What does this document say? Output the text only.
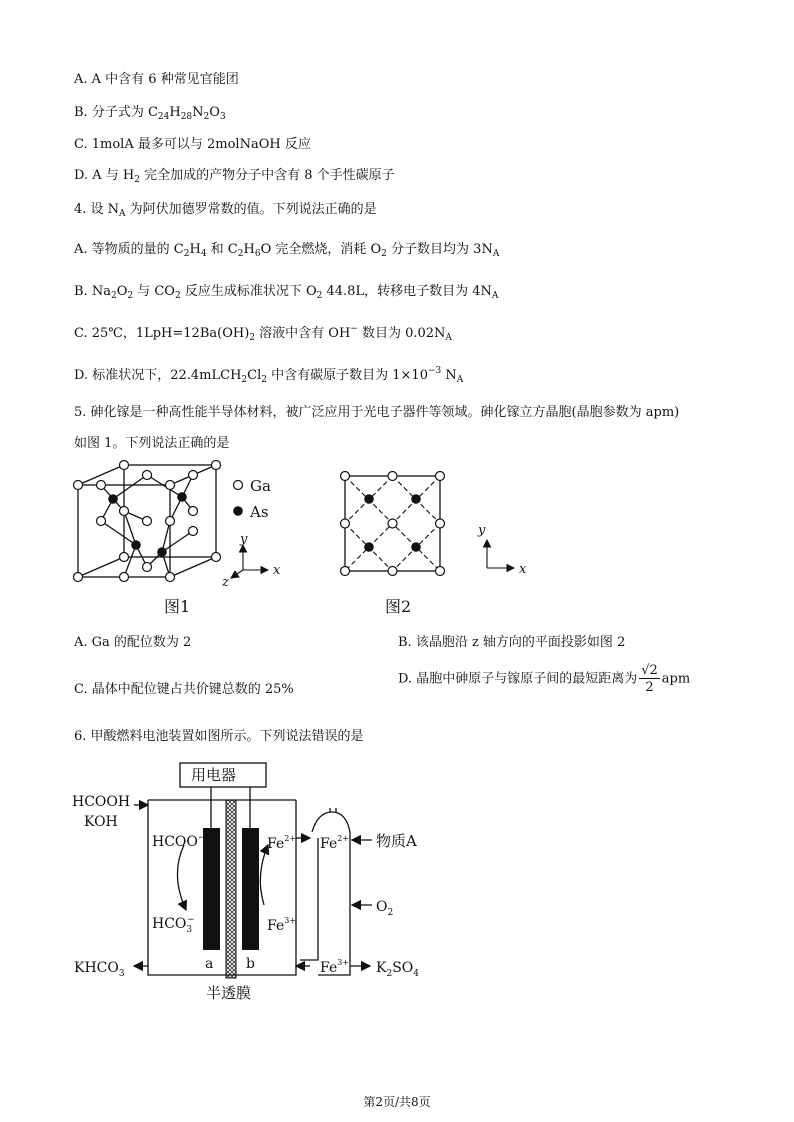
A. A 中含有 6 种常见官能团
B. 分子式为 $C_{24}H_{28}N_2O_3$
C. 1molA 最多可以与 2molNaOH 反应
D. A 与 $H_2$ 完全加成的产物分子中含有 8 个手性碳原子
4. 设 $N_A$ 为阿伏加德罗常数的值。下列说法正确的是
A. 等物质的量的 $C_2H_4$ 和 $C_2H_6O$ 完全燃烧，消耗 $O_2$ 分子数目均为 $3N_A$
B. $Na_2O_2$ 与 $CO_2$ 反应生成标准状况下 $O_2$ 44.8L，转移电子数目为 $4N_A$
C. 25℃，$1LpH=12Ba(OH)_2$ 溶液中含有 OH− 数目为 $0.02N_A$
D. 标准状况下，$22.4mLCH_2Cl_2$ 中含有碳原子数目为 $1\times 10^{-3}$ $N_A$
5. 砷化镓是一种高性能半导体材料，被广泛应用于光电子器件等领域。砷化镓立方晶胞(晶胞参数为 apm)
如图 1。下列说法正确的是
Ga
As
y
x
z
图1
y
x
图2
用电器
HCOOH
KOH
HCOO−
$HCO_3-$
$Fe^{2+}$
$Fe^{3+}$
a b
半透膜
$KHCO_3$
$Fe^{2+}$
$Fe^{3+}$
物质A
$O_2$
$K_2SO_4$
A. Ga 的配位数为 2	B. 该晶胞沿 z 轴方向的平面投影如图 2
C. 晶体中配位键占共价键总数的 25%
D. 晶胞中砷原子与镓原子间的最短距离为 $\frac{√2}{2}$ apm
6. 甲酸燃料电池装置如图所示。下列说法错误的是
第2页/共8页
